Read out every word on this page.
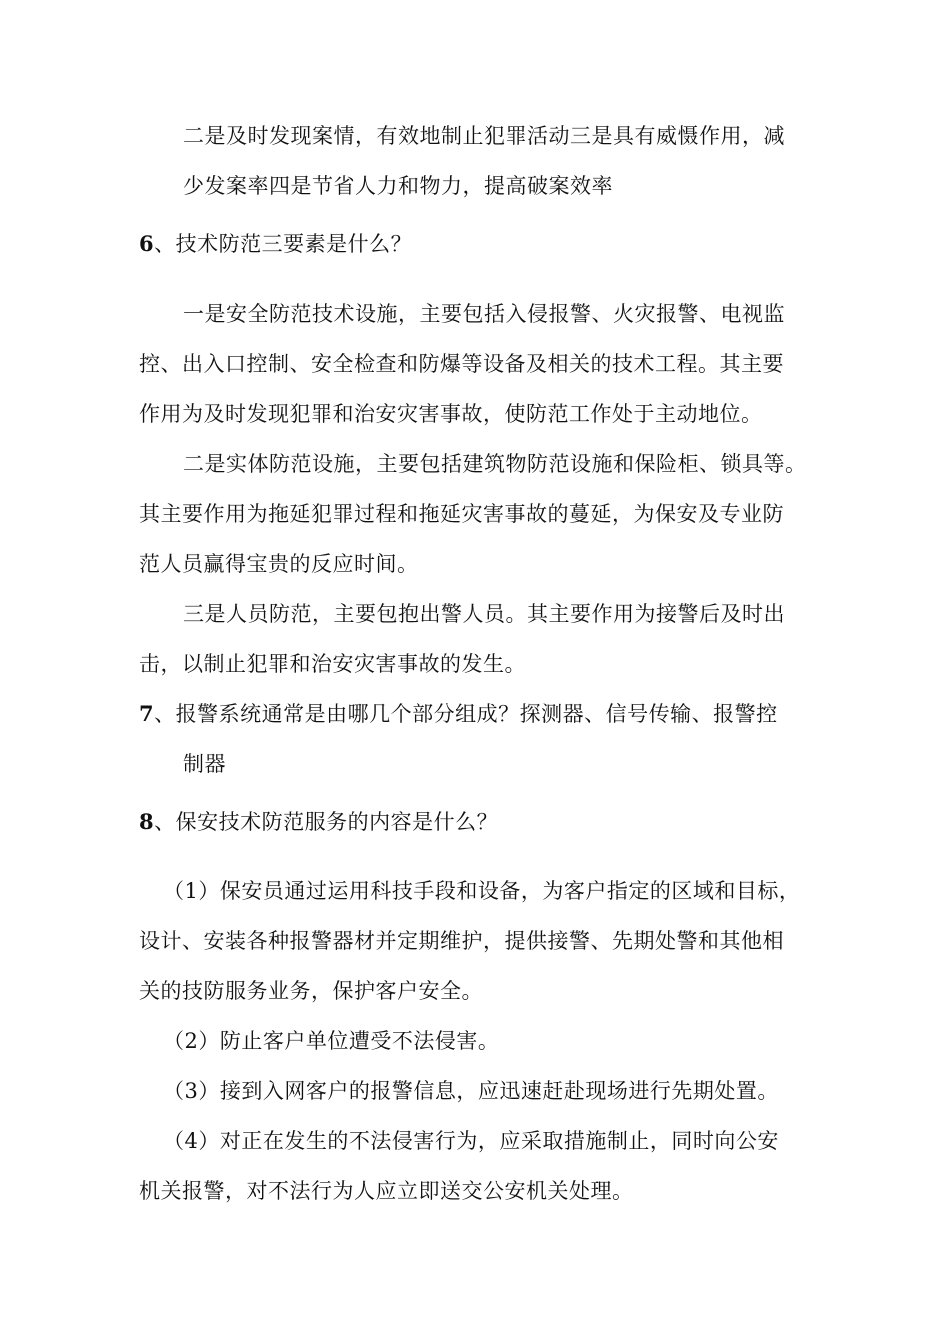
二是及时发现案情，有效地制止犯罪活动三是具有威慑作用，减
少发案率四是节省人力和物力，提高破案效率
6、技术防范三要素是什么？
一是安全防范技术设施，主要包括入侵报警、火灾报警、电视监
控、出入口控制、安全检查和防爆等设备及相关的技术工程。其主要
作用为及时发现犯罪和治安灾害事故，使防范工作处于主动地位。
二是实体防范设施，主要包括建筑物防范设施和保险柜、锁具等。
其主要作用为拖延犯罪过程和拖延灾害事故的蔓延，为保安及专业防
范人员赢得宝贵的反应时间。
三是人员防范，主要包抱出警人员。其主要作用为接警后及时出
击，以制止犯罪和治安灾害事故的发生。
7、报警系统通常是由哪几个部分组成？探测器、信号传输、报警控
制器
8、保安技术防范服务的内容是什么？
（1）保安员通过运用科技手段和设备，为客户指定的区域和目标，
设计、安装各种报警器材并定期维护，提供接警、先期处警和其他相
关的技防服务业务，保护客户安全。
（2）防止客户单位遭受不法侵害。
（3）接到入网客户的报警信息，应迅速赶赴现场进行先期处置。
（4）对正在发生的不法侵害行为，应采取措施制止，同时向公安
机关报警，对不法行为人应立即送交公安机关处理。
